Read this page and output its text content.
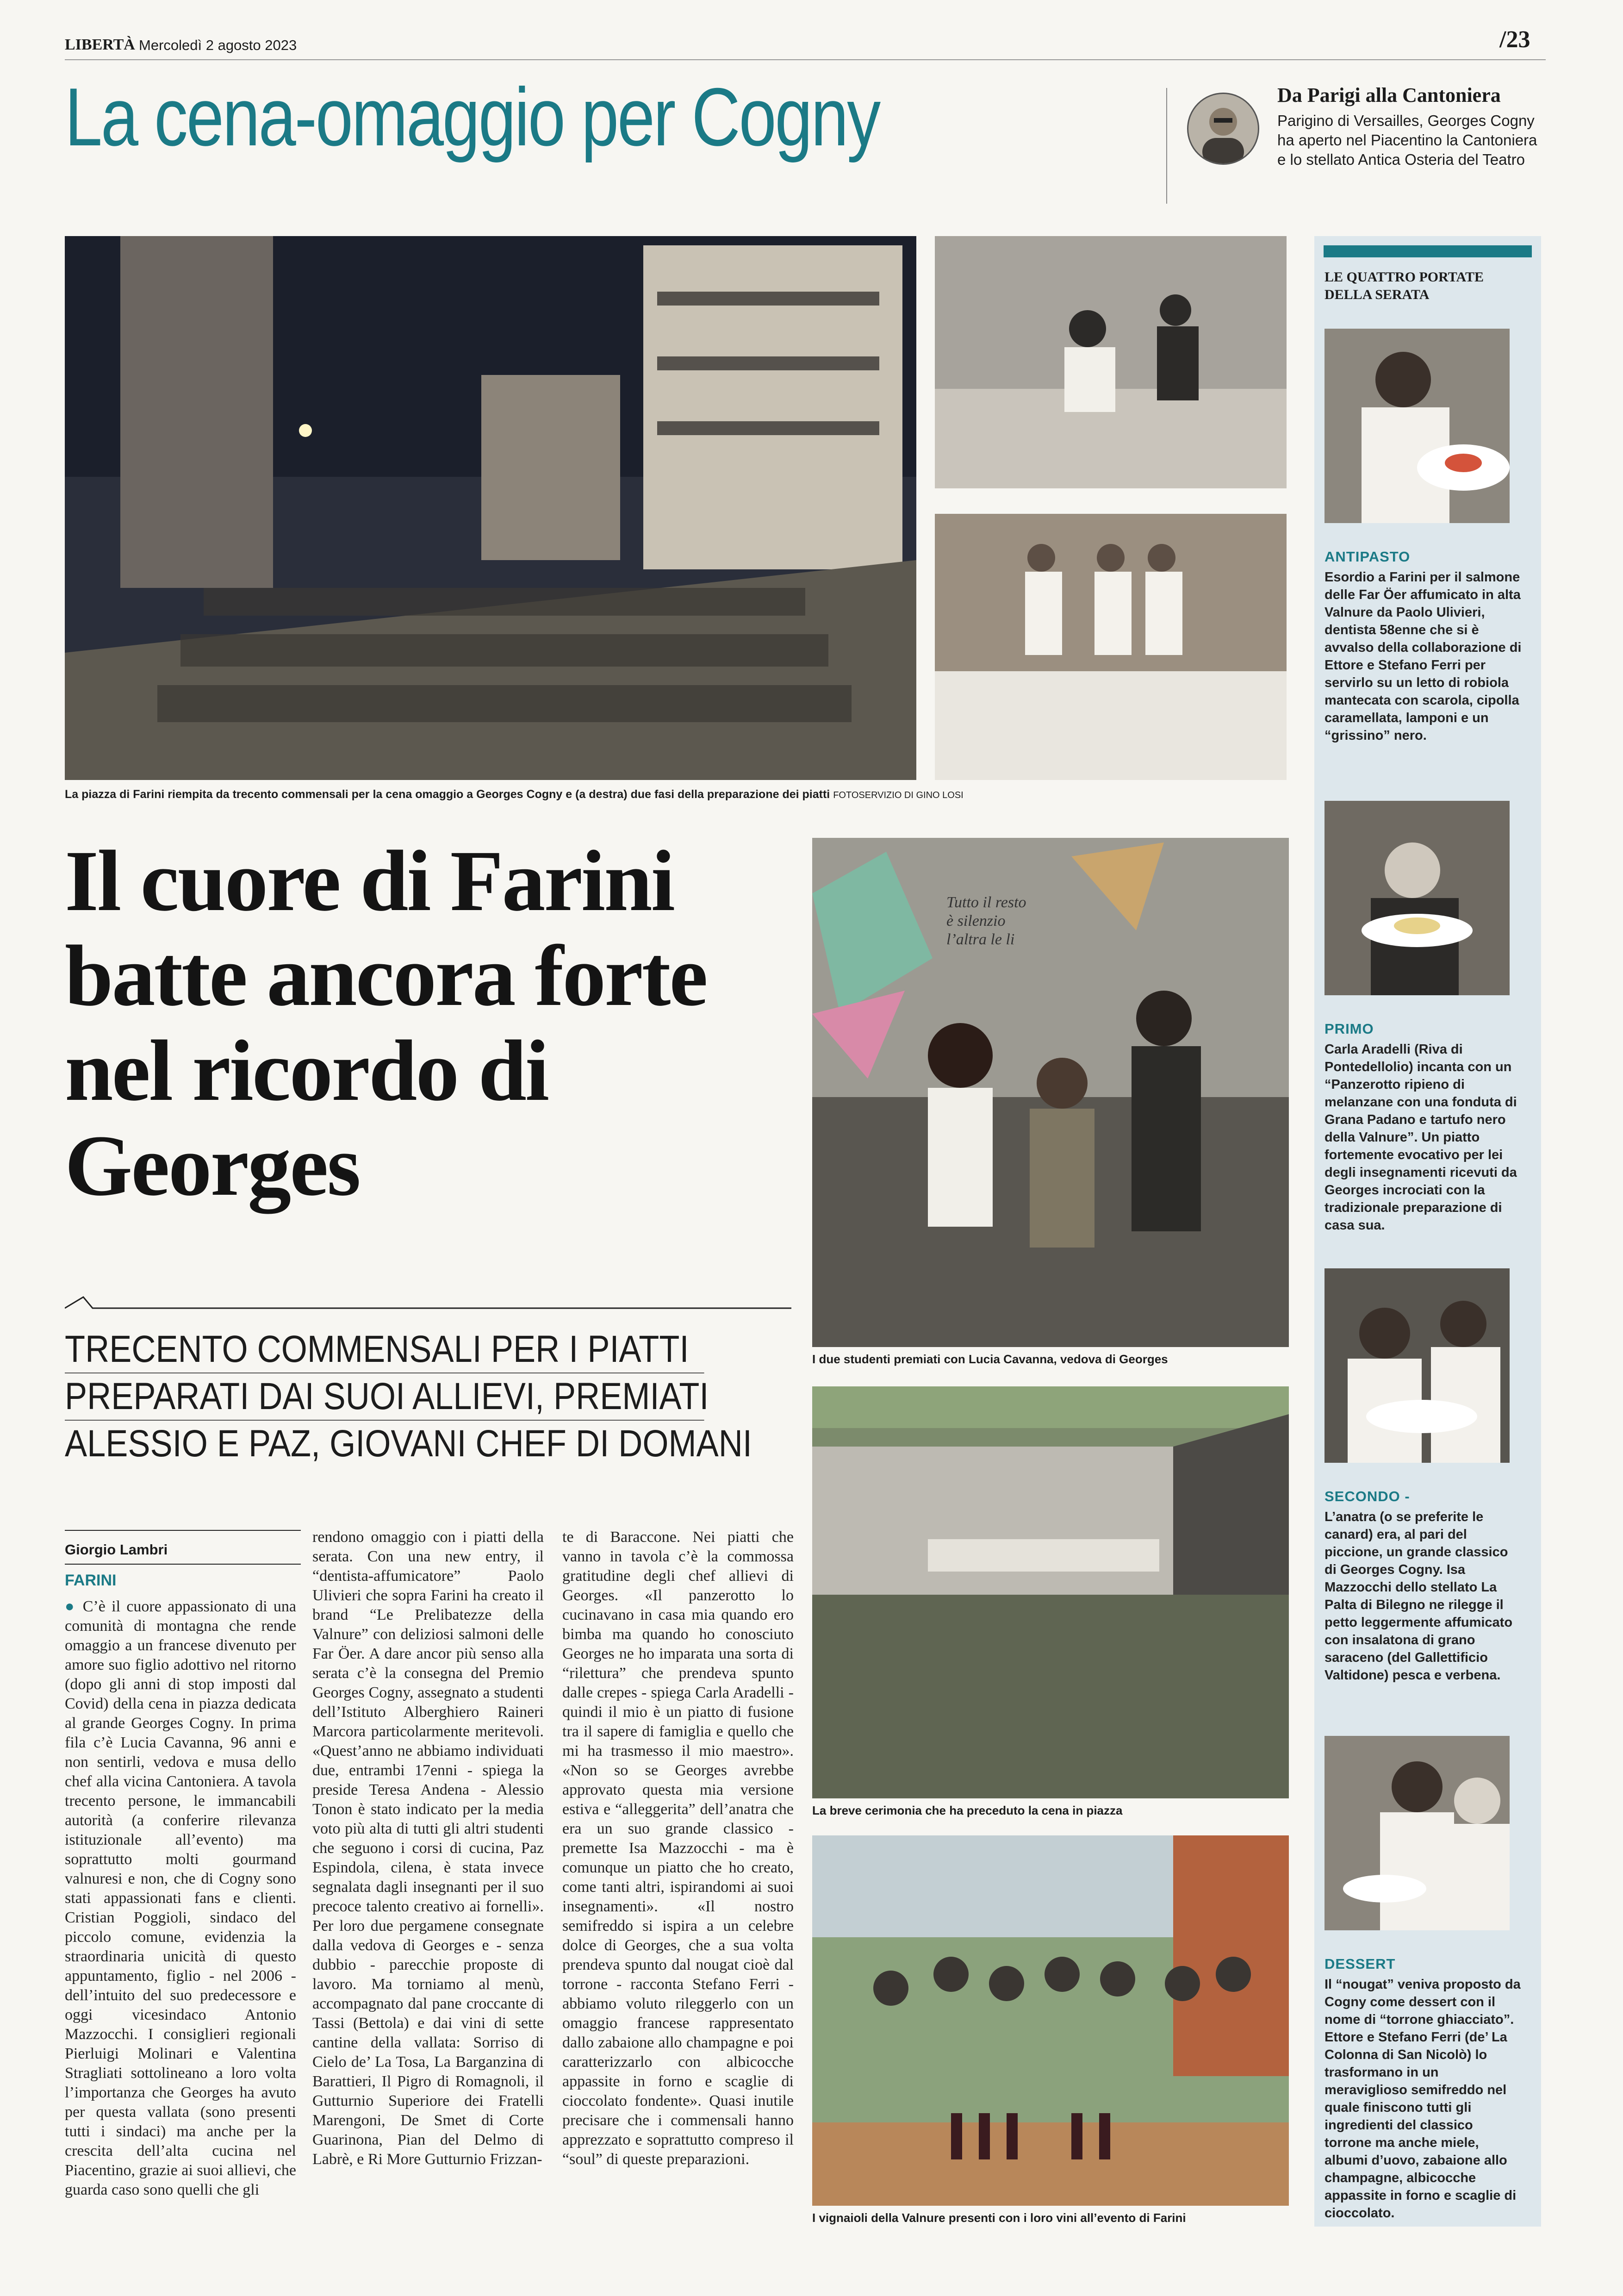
LIBERTÀ Mercoledì 2 agosto 2023	/23
La cena-omaggio per Cogny	Da Parigi alla Cantoniera
Parigino di Versailles, Georges Cogny ha aperto nel Piacentino la Cantoniera e lo stellato Antica Osteria del Teatro
La piazza di Farini riempita da trecento commensali per la cena omaggio a Georges Cogny e (a destra) due fasi della preparazione dei piatti FOTOSERVIZIO DI GINO LOSI
Il cuore di Farini batte ancora forte nel ricordo di Georges
TRECENTO COMMENSALI PER I PIATTI
PREPARATI DAI SUOI ALLIEVI, PREMIATI
ALESSIO E PAZ, GIOVANI CHEF DI DOMANI
Giorgio Lambri
FARINI
● C’è il cuore appassionato di una comunità di montagna che rende omaggio a un francese divenuto per amore suo figlio adottivo nel ritorno (dopo gli anni di stop imposti dal Covid) della cena in piazza dedicata al grande Georges Cogny. In prima fila c’è Lucia Cavanna, 96 anni e non sentirli, vedova e musa dello chef alla vicina Cantoniera. A tavola trecento persone, le immancabili autorità (a conferire rilevanza istituzionale all’evento) ma soprattutto molti gourmand valnuresi e non, che di Cogny sono stati appassionati fans e clienti. Cristian Poggioli, sindaco del piccolo comune, evidenzia la straordinaria unicità di questo appuntamento, figlio - nel 2006 - dell’intuito del suo predecessore e oggi vicesindaco Antonio Mazzocchi. I consiglieri regionali Pierluigi Molinari e Valentina Stragliati sottolineano a loro volta l’importanza che Georges ha avuto per questa vallata (sono presenti tutti i sindaci) ma anche per la crescita dell’alta cucina nel Piacentino, grazie ai suoi allievi, che guarda caso sono quelli che gli
rendono omaggio con i piatti della serata. Con una new entry, il “dentista-affumicatore” Paolo Ulivieri che sopra Farini ha creato il brand “Le Prelibatezze della Valnure” con deliziosi salmoni delle Far Öer. A dare ancor più senso alla serata c’è la consegna del Premio Georges Cogny, assegnato a studenti dell’Istituto Alberghiero Raineri Marcora particolarmente meritevoli. «Quest’anno ne abbiamo individuati due, entrambi 17enni - spiega la preside Teresa Andena - Alessio Tonon è stato indicato per la media voto più alta di tutti gli altri studenti che seguono i corsi di cucina, Paz Espindola, cilena, è stata invece segnalata dagli insegnanti per il suo precoce talento creativo ai fornelli». Per loro due pergamene consegnate dalla vedova di Georges e - senza dubbio - parecchie proposte di lavoro. Ma torniamo al menù, accompagnato dal pane croccante di Tassi (Bettola) e dai vini di sette cantine della vallata: Sorriso di Cielo de’ La Tosa, La Barganzina di Barattieri, Il Pigro di Romagnoli, il Gutturnio Superiore dei Fratelli Marengoni, De Smet di Corte Guarinona, Pian del Delmo di Labrè, e Ri More Gutturnio Frizzan-
te di Baraccone. Nei piatti che vanno in tavola c’è la commossa gratitudine degli chef allievi di Georges. «Il panzerotto lo cucinavano in casa mia quando ero bimba ma quando ho conosciuto Georges ne ho imparata una sorta di “rilettura” che prendeva spunto dalle crepes - spiega Carla Aradelli - quindi il mio è un piatto di fusione tra il sapere di famiglia e quello che mi ha trasmesso il mio maestro». «Non so se Georges avrebbe approvato questa mia versione estiva e “alleggerita” dell’anatra che era un suo grande classico - premette Isa Mazzocchi - ma è comunque un piatto che ho creato, come tanti altri, ispirandomi ai suoi insegnamenti». «Il nostro semifreddo si ispira a un celebre dolce di Georges, che a sua volta prendeva spunto dal nougat cioè dal torrone - racconta Stefano Ferri - abbiamo voluto rileggerlo con un omaggio francese rappresentato dallo zabaione allo champagne e poi caratterizzarlo con albicocche appassite in forno e scaglie di cioccolato fondente». Quasi inutile precisare che i commensali hanno apprezzato e soprattutto compreso il “soul” di queste preparazioni.
Tutto il resto è silenzio l’altra le li
I due studenti premiati con Lucia Cavanna, vedova di Georges
La breve cerimonia che ha preceduto la cena in piazza
I vignaioli della Valnure presenti con i loro vini all’evento di Farini
LE QUATTRO PORTATE DELLA SERATA
ANTIPASTO
Esordio a Farini per il salmone delle Far Öer affumicato in alta Valnure da Paolo Ulivieri, dentista 58enne che si è avvalso della collaborazione di Ettore e Stefano Ferri per servirlo su un letto di robiola mantecata con scarola, cipolla caramellata, lamponi e un “grissino” nero.
PRIMO
Carla Aradelli (Riva di Pontedellolio) incanta con un “Panzerotto ripieno di melanzane con una fonduta di Grana Padano e tartufo nero della Valnure”. Un piatto fortemente evocativo per lei degli insegnamenti ricevuti da Georges incrociati con la tradizionale preparazione di casa sua.
SECONDO -
L’anatra (o se preferite le canard) era, al pari del piccione, un grande classico di Georges Cogny. Isa Mazzocchi dello stellato La Palta di Bilegno ne rilegge il petto leggermente affumicato con insalatona di grano saraceno (del Gallettificio Valtidone) pesca e verbena.
DESSERT
Il “nougat” veniva proposto da Cogny come dessert con il nome di “torrone ghiacciato”. Ettore e Stefano Ferri (de’ La Colonna di San Nicolò) lo trasformano in un meraviglioso semifreddo nel quale finiscono tutti gli ingredienti del classico torrone ma anche miele, albumi d’uovo, zabaione allo champagne, albicocche appassite in forno e scaglie di cioccolato.
